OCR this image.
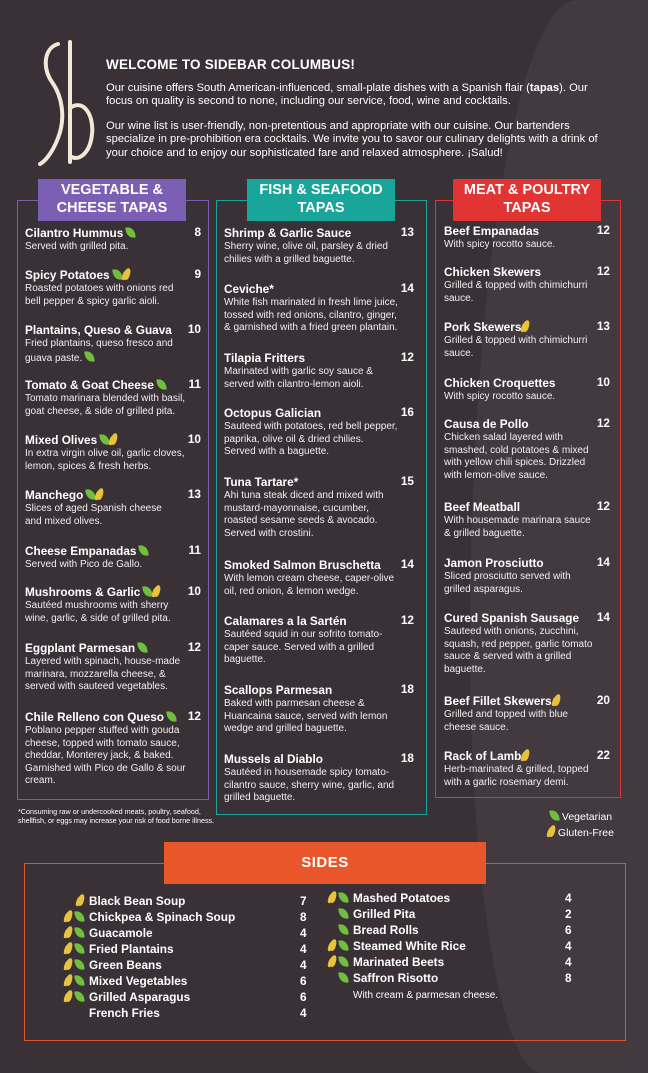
WELCOME TO SIDEBAR COLUMBUS!

Our cuisine offers South American-influenced, small-plate dishes with a Spanish flair (tapas). Our focus on quality is second to none, including our service, food, wine and cocktails.

Our wine list is user-friendly, non-pretentious and appropriate with our cuisine. Our bartenders specialize in pre-prohibition era cocktails. We invite you to savor our culinary delights with a drink of your choice and to enjoy our sophisticated fare and relaxed atmosphere. ¡Salud!

VEGETABLE &
CHEESE TAPAS
FISH & SEAFOOD
TAPAS
MEAT & POULTRY
TAPAS
Cilantro Hummus	8
Served with grilled pita.
Spicy Potatoes	9
Roasted potatoes with onions red
bell pepper & spicy garlic aioli.
Plantains, Queso & Guava	10
Fried plantains, queso fresco and
guava paste.
Tomato & Goat Cheese	11
Tomato marinara blended with basil,
goat cheese, & side of grilled pita.
Mixed Olives	10
In extra virgin olive oil, garlic cloves,
lemon, spices & fresh herbs.
Manchego	13
Slices of aged Spanish cheese
and mixed olives.
Cheese Empanadas	11
Served with Pico de Gallo.
Mushrooms & Garlic	10
Sautéed mushrooms with sherry
wine, garlic, & side of grilled pita.
Eggplant Parmesan	12
Layered with spinach, house-made
marinara, mozzarella cheese, &
served with sauteed vegetables.
Chile Relleno con Queso	12
Poblano pepper stuffed with gouda
cheese, topped with tomato sauce,
cheddar, Monterey jack, & baked.
Garnished with Pico de Gallo & sour
cream.
Shrimp & Garlic Sauce	13
Sherry wine, olive oil, parsley & dried
chilies with a grilled baguette.
Ceviche*	14
White fish marinated in fresh lime juice,
tossed with red onions, cilantro, ginger,
& garnished with a fried green plantain.
Tilapia Fritters	12
Marinated with garlic soy sauce &
served with cilantro-lemon aioli.
Octopus Galician	16
Sauteed with potatoes, red bell pepper,
paprika, olive oil & dried chilies.
Served with a baguette.
Tuna Tartare*	15
Ahi tuna steak diced and mixed with
mustard-mayonnaise, cucumber,
roasted sesame seeds & avocado.
Served with crostini.
Smoked Salmon Bruschetta	14
With lemon cream cheese, caper-olive
oil, red onion, & lemon wedge.
Calamares a la Sartén	12
Sautéed squid in our sofrito tomato-
caper sauce. Served with a grilled
baguette.
Scallops Parmesan	18
Baked with parmesan cheese &
Huancaina sauce, served with lemon
wedge and grilled baguette.
Mussels al Diablo	18
Sautéed in housemade spicy tomato-
cilantro sauce, sherry wine, garlic, and
grilled baguette.
Beef Empanadas	12
With spicy rocotto sauce.
Chicken Skewers	12
Grilled & topped with chimichurri
sauce.
Pork Skewers	13
Grilled & topped with chimichurri
sauce.
Chicken Croquettes	10
With spicy rocotto sauce.
Causa de Pollo	12
Chicken salad layered with
smashed, cold potatoes & mixed
with yellow chili spices. Drizzled
with lemon-olive sauce.
Beef Meatball	12
With housemade marinara sauce
& grilled baguette.
Jamon Prosciutto	14
Sliced prosciutto served with
grilled asparagus.
Cured Spanish Sausage	14
Sauteed with onions, zucchini,
squash, red pepper, garlic tomato
sauce & served with a grilled
baguette.
Beef Fillet Skewers	20
Grilled and topped with blue
cheese sauce.
Rack of Lamb	22
Herb-marinated & grilled, topped
with a garlic rosemary demi.
*Consuming raw or undercooked meats, poultry, seafood, shellfish, or eggs may increase your risk of food borne illness.	Vegetarian
Gluten-Free
SIDES
Black Bean Soup	7
Chickpea & Spinach Soup	8
Guacamole	4
Fried Plantains	4
Green Beans	4
Mixed Vegetables	6
Grilled Asparagus	6
French Fries	4
Mashed Potatoes	4
Grilled Pita	2
Bread Rolls	6
Steamed White Rice	4
Marinated Beets	4
Saffron Risotto	8
With cream & parmesan cheese.
